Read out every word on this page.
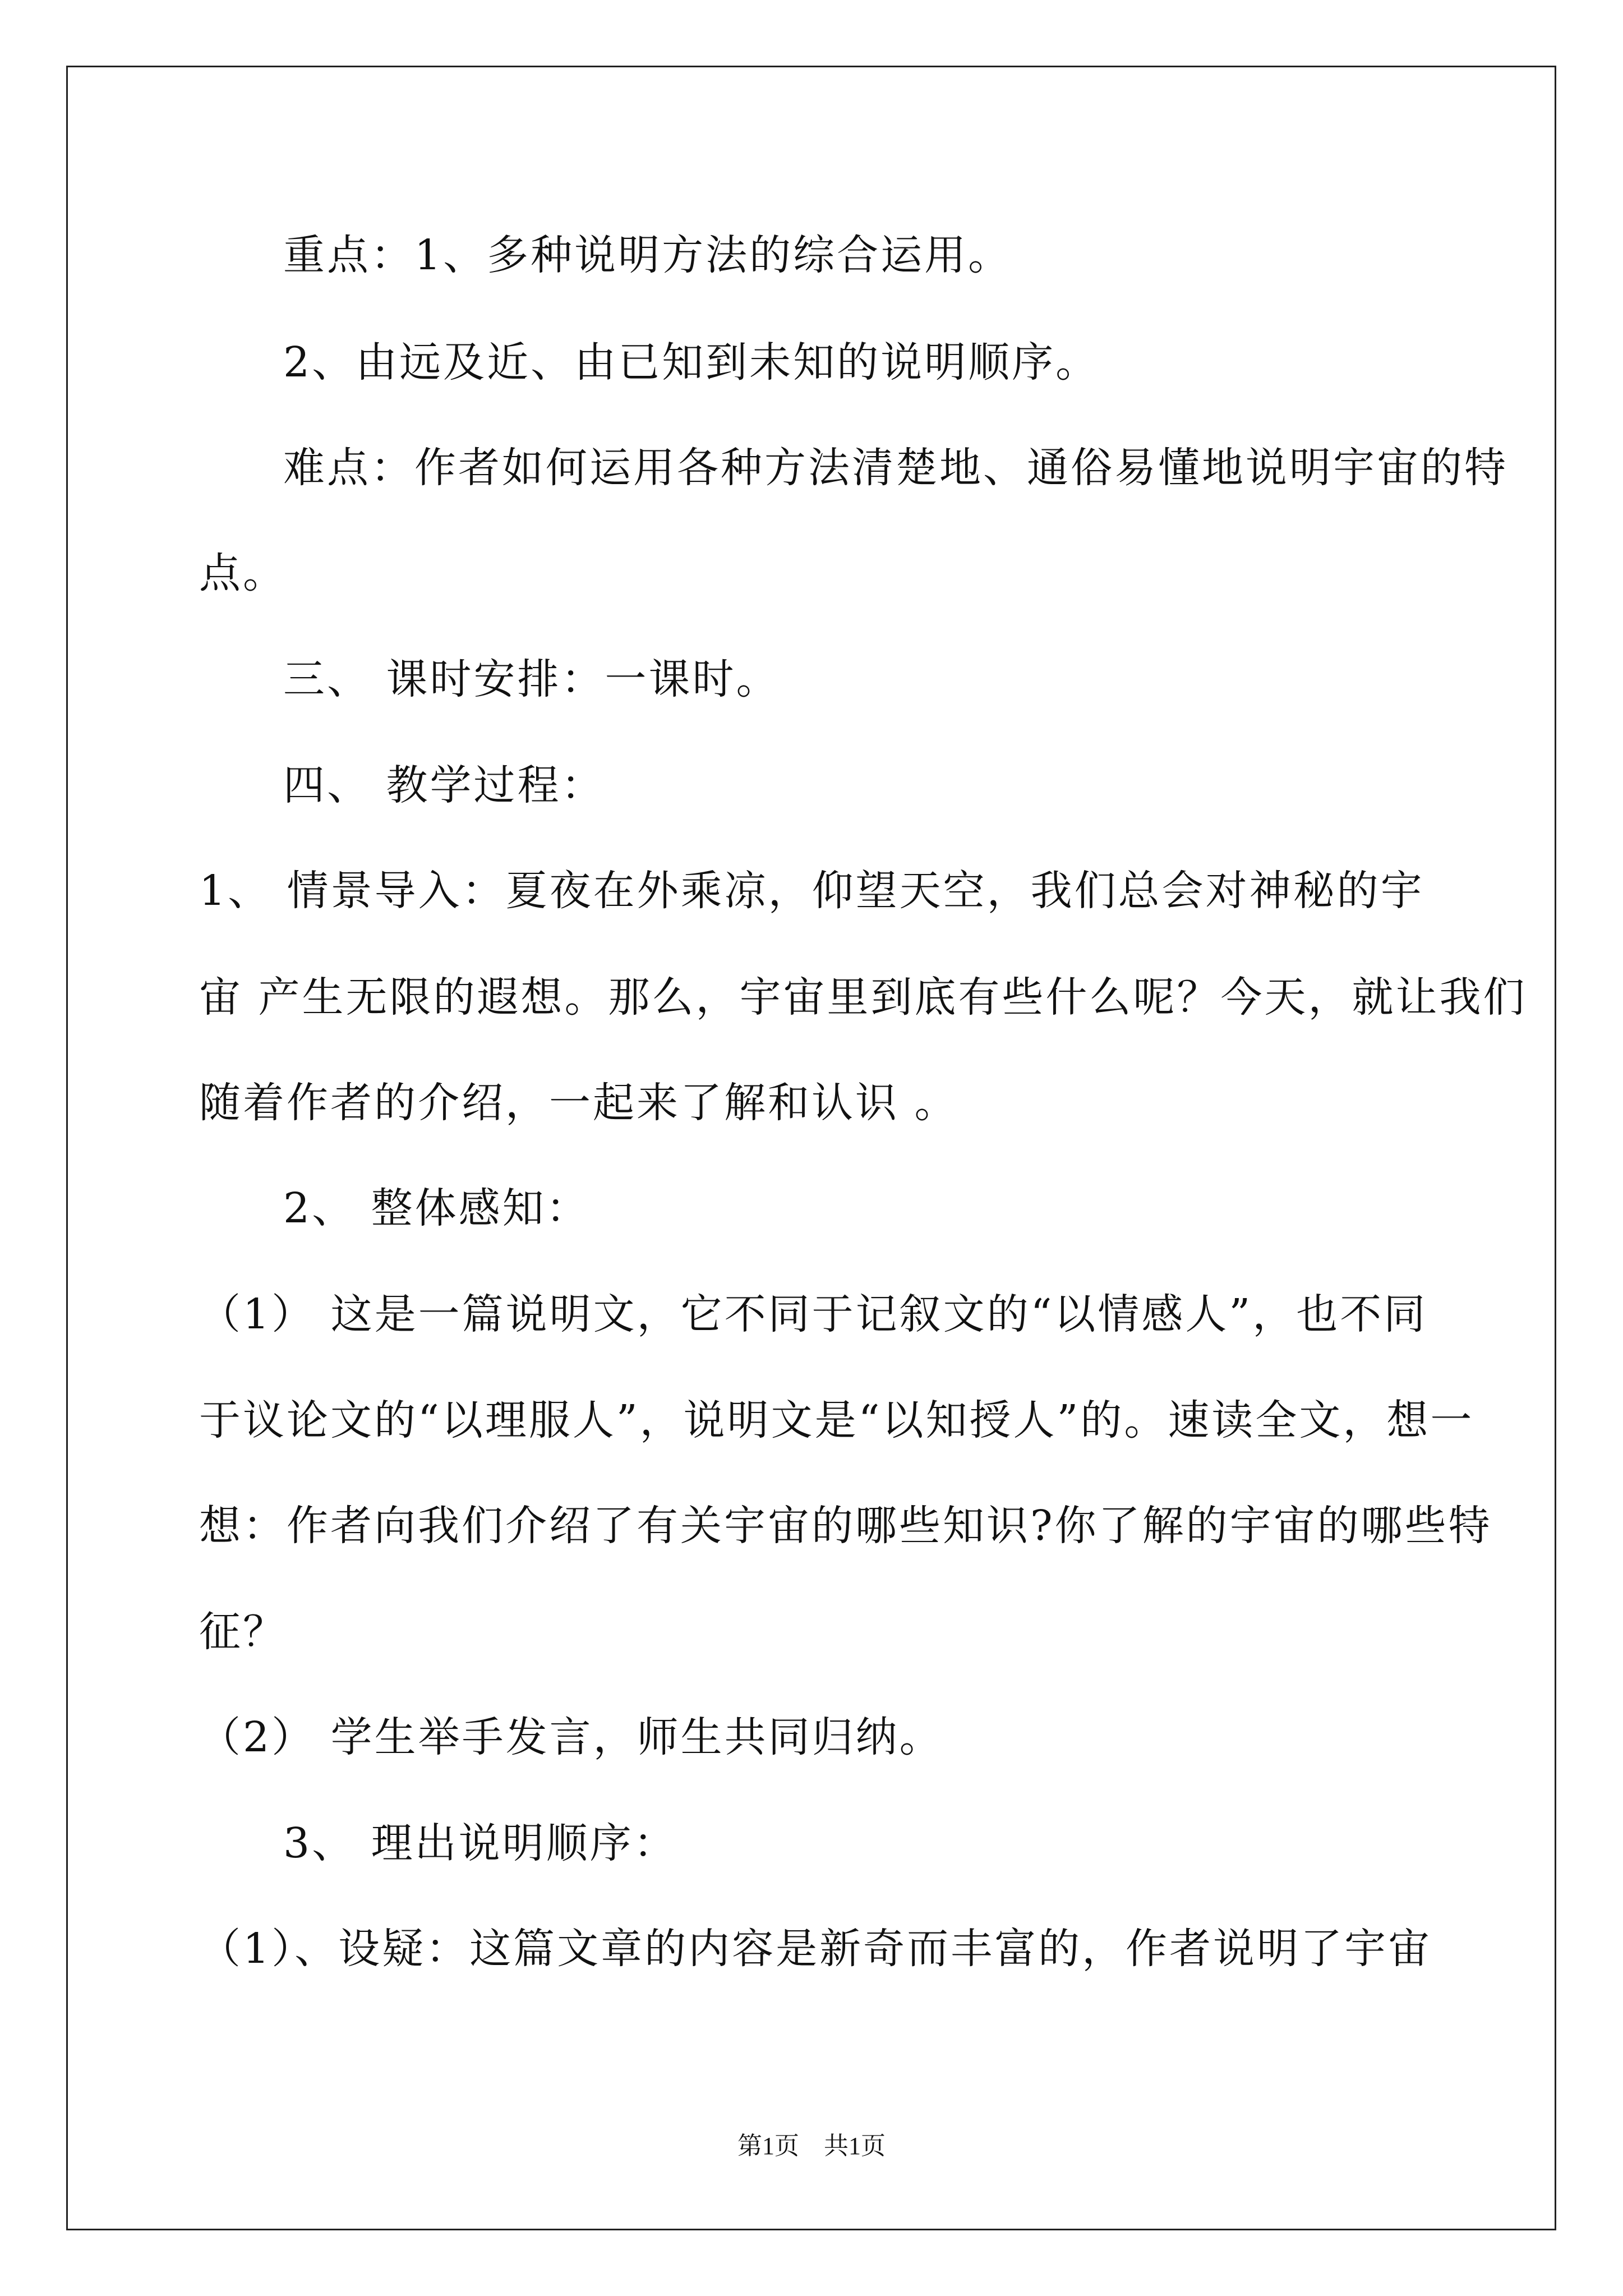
重点：1、多种说明方法的综合运用。
2、由远及近、由已知到未知的说明顺序。
难点：作者如何运用各种方法清楚地、通俗易懂地说明宇宙的特
点。
三、 课时安排：一课时。
四、 教学过程：
1、 情景导入：夏夜在外乘凉，仰望天空，我们总会对神秘的宇
宙 产生无限的遐想。那么，宇宙里到底有些什么呢？今天，就让我们
随着作者的介绍，一起来了解和认识 。
2、 整体感知：
（1） 这是一篇说明文，它不同于记叙文的“以情感人”，也不同
于议论文的“以理服人”，说明文是“以知授人”的。速读全文，想一
想：作者向我们介绍了有关宇宙的哪些知识?你了解的宇宙的哪些特
征？
（2） 学生举手发言，师生共同归纳。
3、 理出说明顺序：
（1）、设疑：这篇文章的内容是新奇而丰富的，作者说明了宇宙
第1页　共1页
